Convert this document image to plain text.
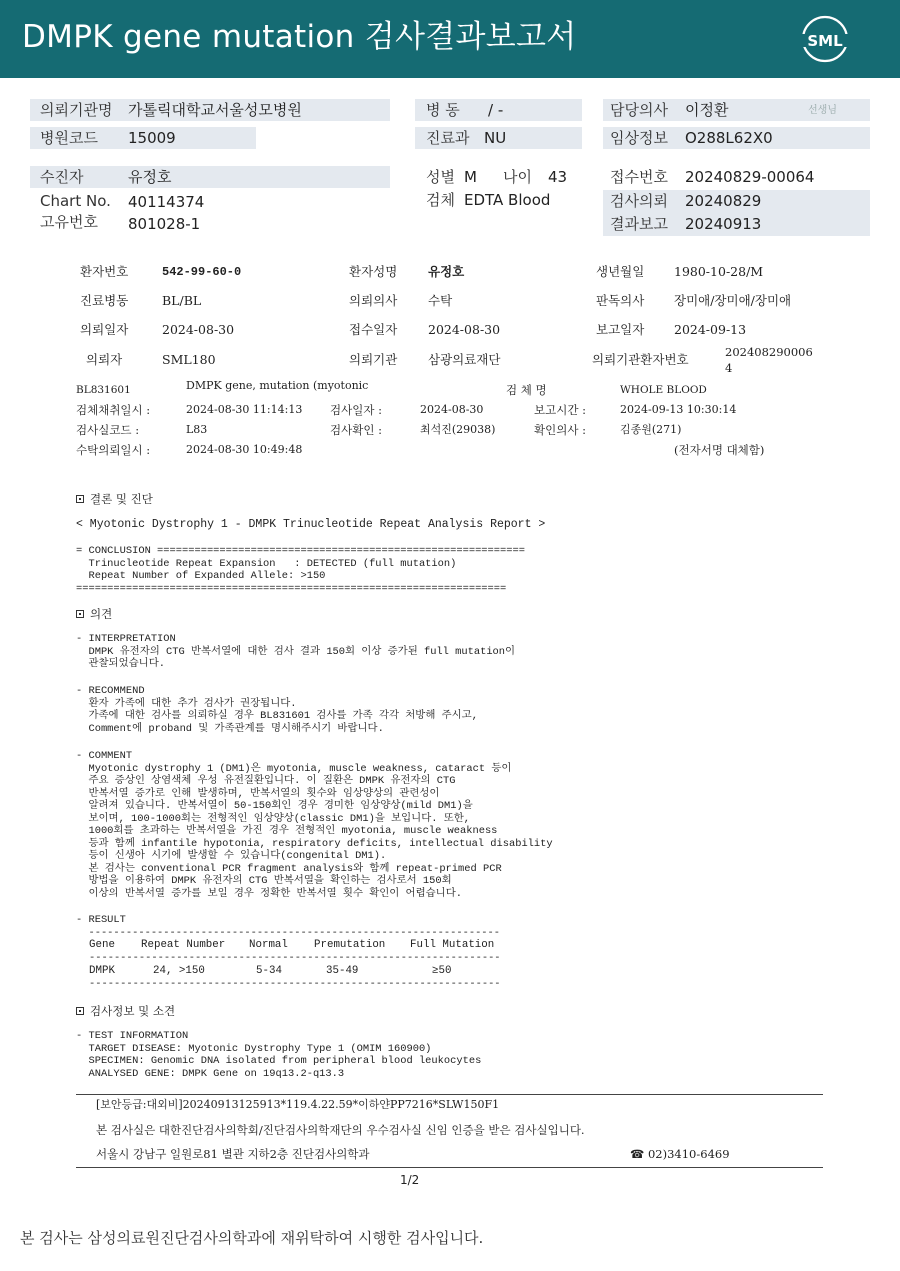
DMPK gene mutation 검사결과보고서	SML
의뢰기관명 가톨릭대학교서울성모병원
병원코드 15009
병 동 / -
진료과 NU
담당의사 이정환	선생님
임상정보 O288L62X0
수진자	유정호
Chart No. 40114374
고유번호 801028-1
성별 M 나이 43
검체 EDTA Blood
접수번호 20240829-00064
검사의뢰 20240829
결과보고 20240913
환자번호	542-99-60-0	환자성명 유정호	생년월일 1980-10-28/M
진료병동	BL/BL	의뢰의사 수탁	판독의사 장미애/장미애/장미애
의뢰일자	2024-08-30	접수일자 2024-08-30	보고일자 2024-09-13
의뢰자	SML180	의뢰기관 삼광의료재단	의뢰기관환자번호	202408290006
4
BL831601	DMPK gene, mutation (myotonic	검 체 명	WHOLE BLOOD
검체채취일시 :	2024-08-30 11:14:13 검사일자 :	2024-08-30	보고시간 :	2024-09-13 10:30:14
검사실코드 :	L83	검사확인 :	최석진(29038)	확인의사 :	김종원(271)
수탁의뢰일시 :	2024-08-30 10:49:48	(전자서명 대체함)
결론 및 진단
< Myotonic Dystrophy 1 - DMPK Trinucleotide Repeat Analysis Report >
= CONCLUSION ===========================================================
Trinucleotide Repeat Expansion   : DETECTED (full mutation)
Repeat Number of Expanded Allele: >150
=====================================================================
의견
- INTERPRETATION
DMPK 유전자의 CTG 반복서열에 대한 검사 결과 150회 이상 증가된 full mutation이
관찰되었습니다.
- RECOMMEND
환자 가족에 대한 추가 검사가 권장됩니다.
가족에 대한 검사를 의뢰하실 경우 BL831601 검사를 가족 각각 처방해 주시고,
Comment에 proband 및 가족관계를 명시해주시기 바랍니다.
- COMMENT
Myotonic dystrophy 1 (DM1)은 myotonia, muscle weakness, cataract 등이
주요 증상인 상염색체 우성 유전질환입니다. 이 질환은 DMPK 유전자의 CTG
반복서열 증가로 인해 발생하며, 반복서열의 횟수와 임상양상의 관련성이
알려져 있습니다. 반복서열이 50-150회인 경우 경미한 임상양상(mild DM1)을
보이며, 100-1000회는 전형적인 임상양상(classic DM1)을 보입니다. 또한,
1000회를 초과하는 반복서열을 가진 경우 전형적인 myotonia, muscle weakness
등과 함께 infantile hypotonia, respiratory deficits, intellectual disability
등이 신생아 시기에 발생할 수 있습니다(congenital DM1).
본 검사는 conventional PCR fragment analysis와 함께 repeat-primed PCR
방법을 이용하여 DMPK 유전자의 CTG 반복서열을 확인하는 검사로서 150회
이상의 반복서열 증가를 보일 경우 정확한 반복서열 횟수 확인이 어렵습니다.
- RESULT
------------------------------------------------------------------
Gene Repeat Number Normal Premutation Full Mutation
------------------------------------------------------------------
DMPK	24, >150	5-34	35-49	≥50
------------------------------------------------------------------
검사정보 및 소견
- TEST INFORMATION
TARGET DISEASE: Myotonic Dystrophy Type 1 (OMIM 160900)
SPECIMEN: Genomic DNA isolated from peripheral blood leukocytes
ANALYSED GENE: DMPK Gene on 19q13.2-q13.3
[보안등급:대외비]20240913125913*119.4.22.59*이하얀PP7216*SLW150F1
본 검사실은 대한진단검사의학회/진단검사의학재단의 우수검사실 신임 인증을 받은 검사실입니다.
서울시 강남구 일원로81 별관 지하2층 진단검사의학과	☎ 02)3410-6469
1/2
본 검사는 삼성의료원진단검사의학과에 재위탁하여 시행한 검사입니다.
